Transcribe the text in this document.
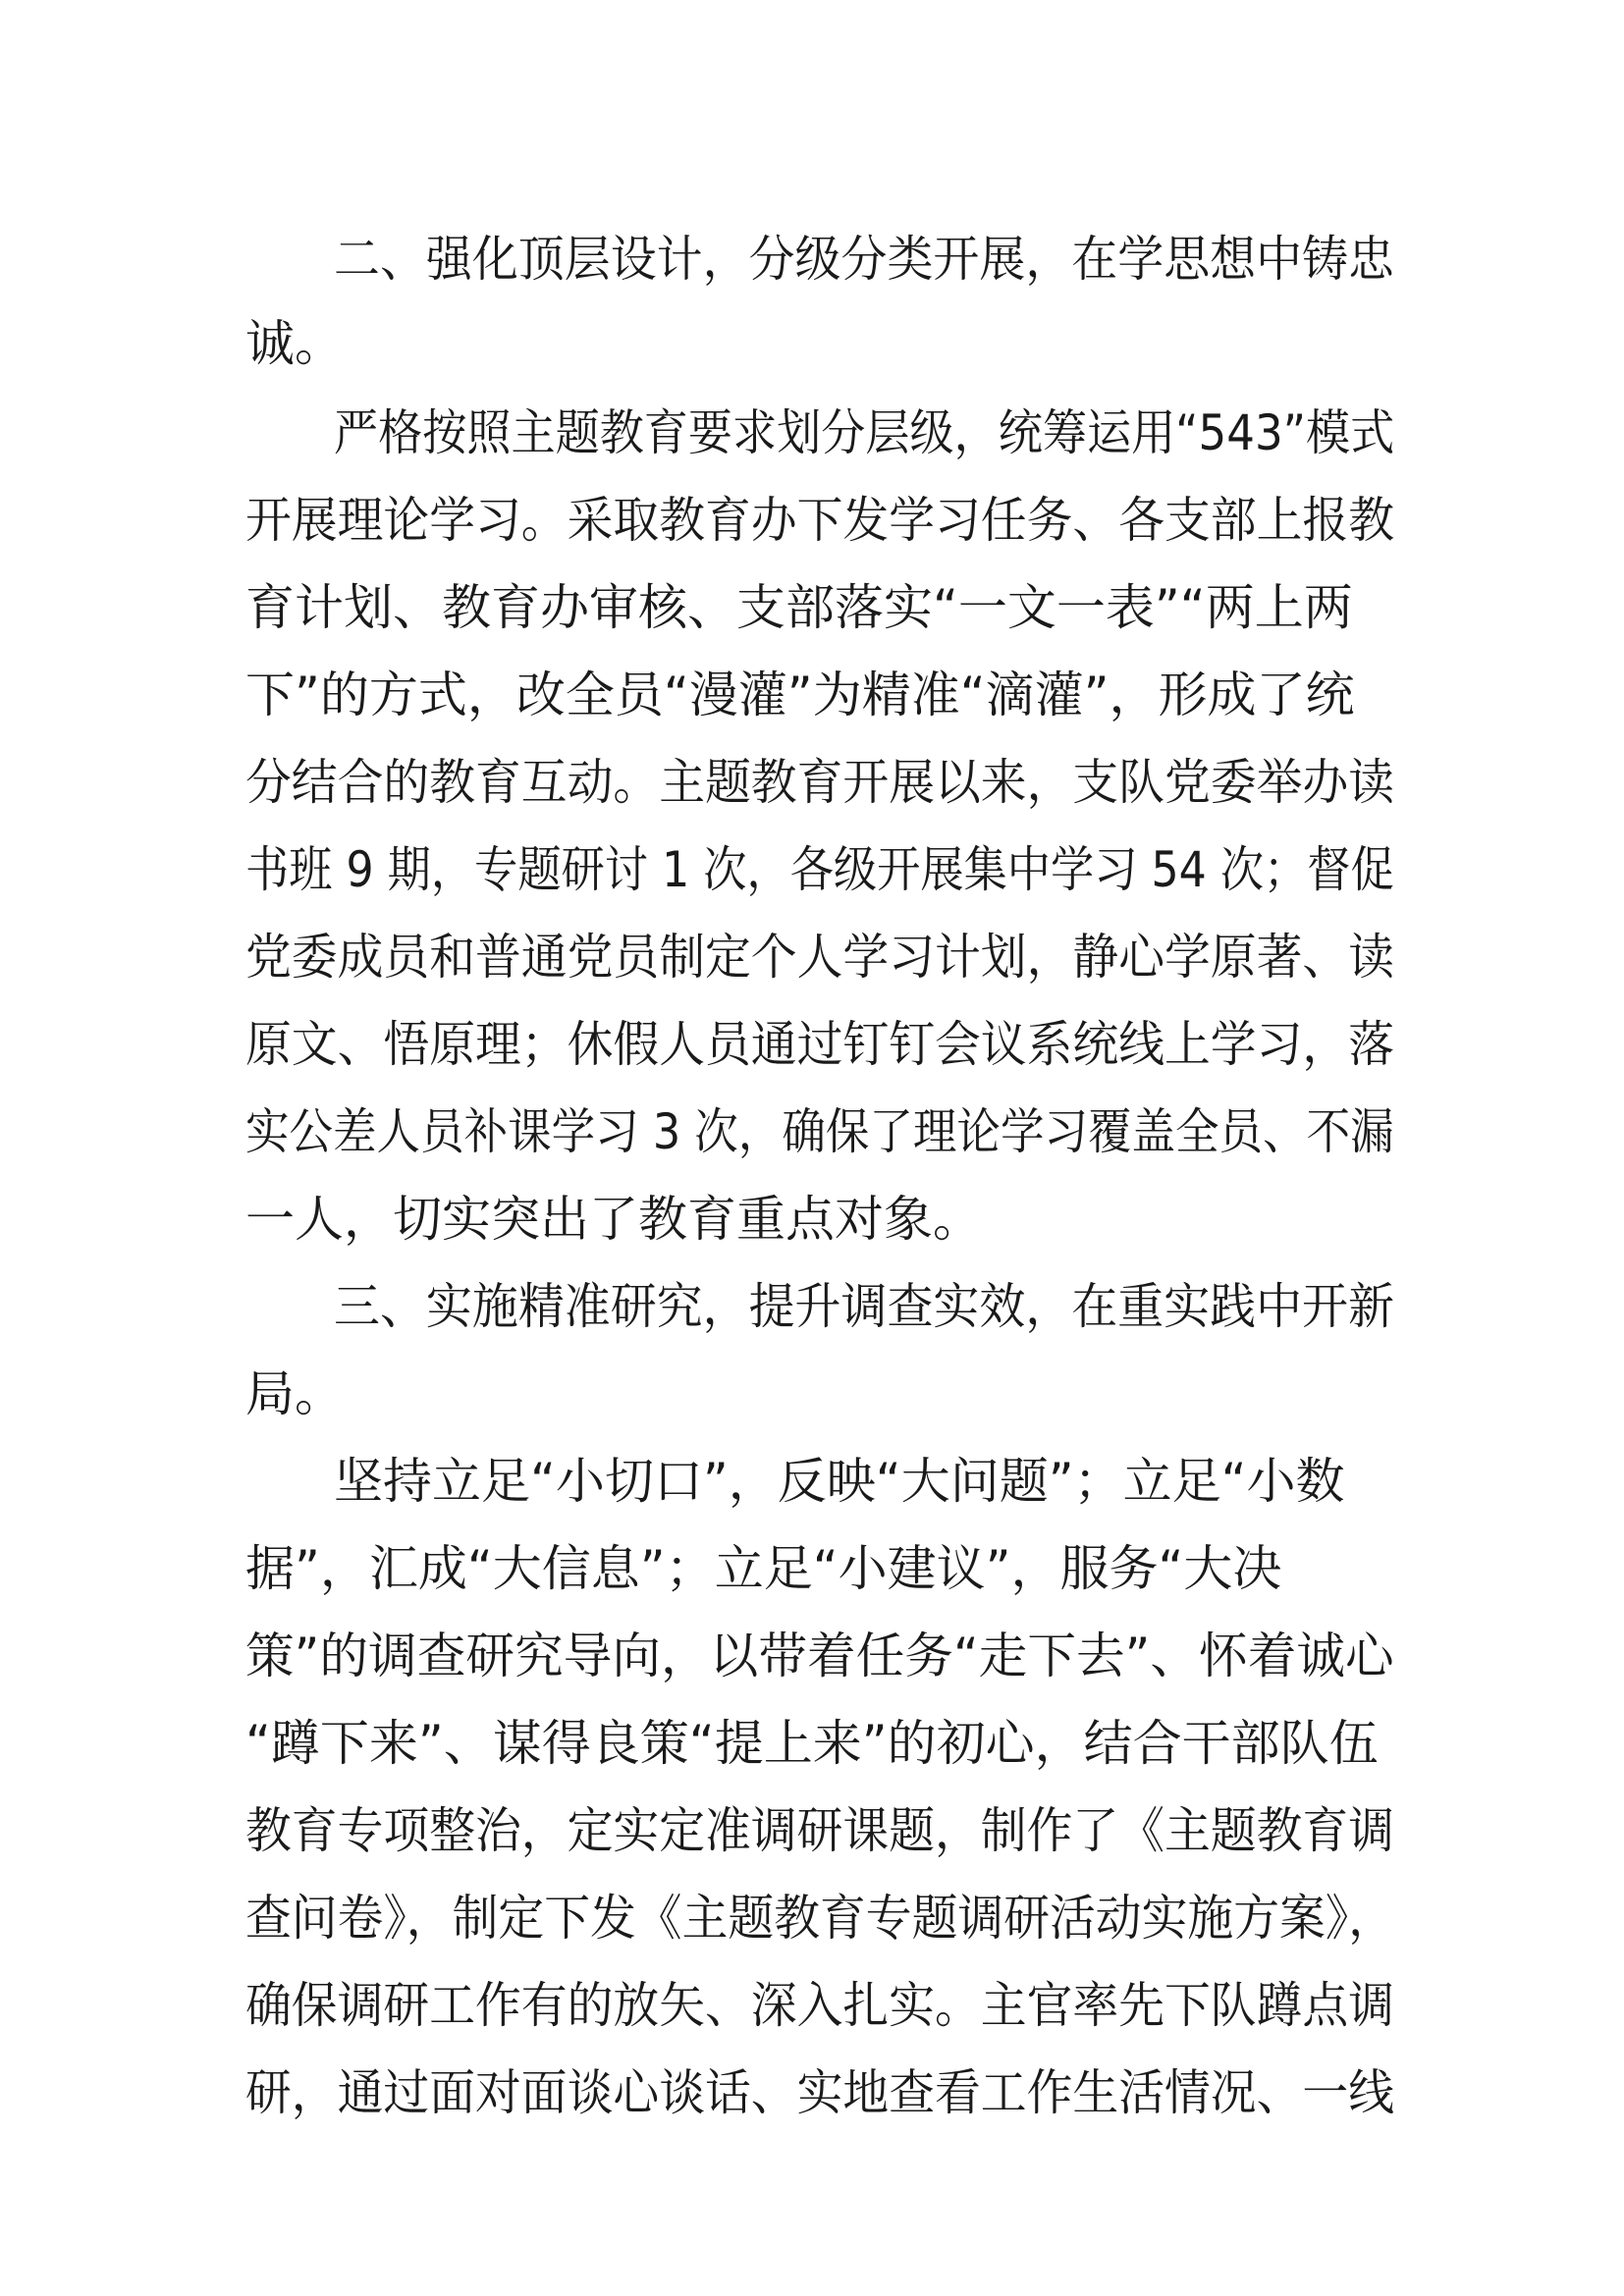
二、强化顶层设计，分级分类开展，在学思想中铸忠
诚。
严格按照主题教育要求划分层级，统筹运用“543”模式
开展理论学习。采取教育办下发学习任务、各支部上报教
育计划、教育办审核、支部落实“一文一表”“两上两
下”的方式，改全员“漫灌”为精准“滴灌”，形成了统
分结合的教育互动。主题教育开展以来，支队党委举办读
书班 9 期，专题研讨 1 次，各级开展集中学习 54 次；督促
党委成员和普通党员制定个人学习计划，静心学原著、读
原文、悟原理；休假人员通过钉钉会议系统线上学习，落
实公差人员补课学习 3 次，确保了理论学习覆盖全员、不漏
一人，切实突出了教育重点对象。
三、实施精准研究，提升调查实效，在重实践中开新
局。
坚持立足“小切口”，反映“大问题”；立足“小数
据”，汇成“大信息”；立足“小建议”，服务“大决
策”的调查研究导向，以带着任务“走下去”、怀着诚心
“蹲下来”、谋得良策“提上来”的初心，结合干部队伍
教育专项整治，定实定准调研课题，制作了《主题教育调
查问卷》，制定下发《主题教育专题调研活动实施方案》，
确保调研工作有的放矢、深入扎实。主官率先下队蹲点调
研，通过面对面谈心谈话、实地查看工作生活情况、一线
